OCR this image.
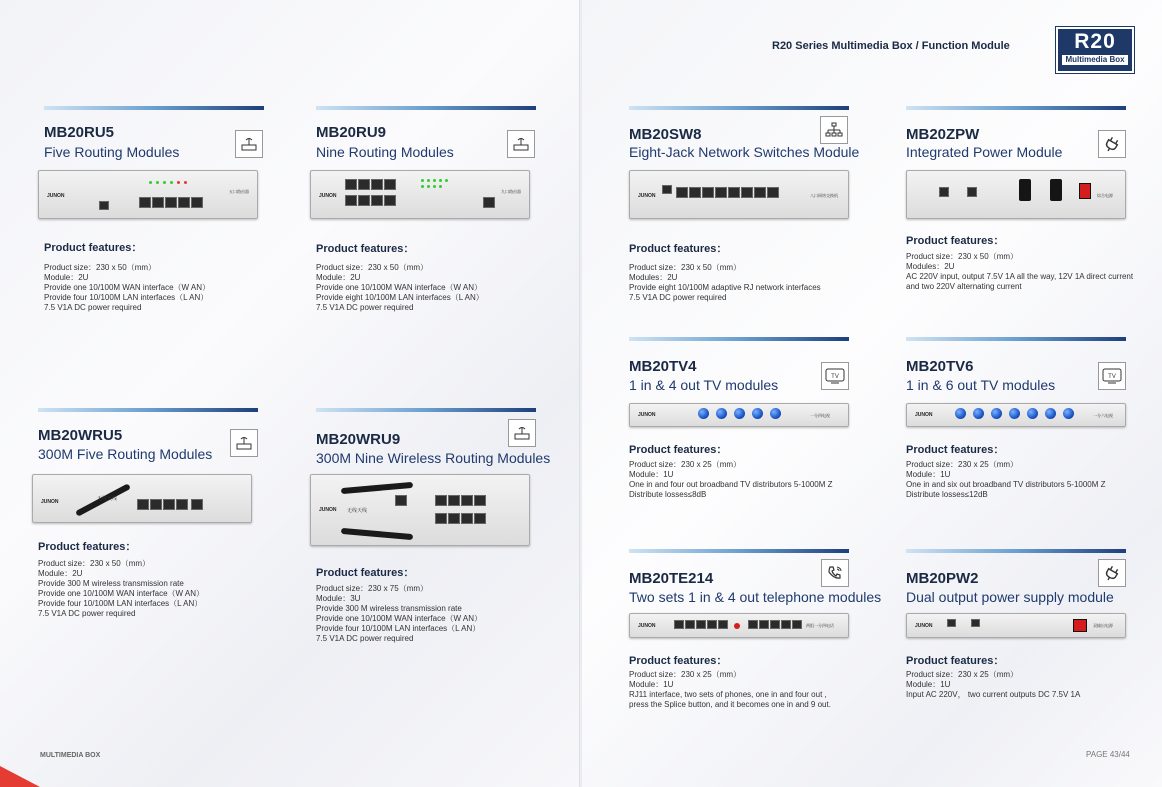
MB20RU5
Five Routing Modules
JUNON
五口路由器
Product features：
Product size：230 x 50（mm）
Module：2U
Provide one 10/100M WAN interface（W AN）
Provide four 10/100M LAN interfaces（L AN）
7.5 V1A DC power required
MB20RU9
Nine Routing Modules
JUNON
九口路由器
Product features：
Product size：230 x 50（mm）
Module：2U
Provide one 10/100M WAN interface（W AN）
Provide eight 10/100M LAN interfaces（L AN）
7.5 V1A DC power required
MB20WRU5
300M Five Routing Modules
JUNON	无线天线
Product features：
Product size：230 x 50（mm）
Module：2U
Provide 300 M wireless transmission rate
Provide one 10/100M WAN interface（W AN）
Provide four 10/100M LAN interfaces（L AN）
7.5 V1A DC power required
MB20WRU9
300M Nine Wireless Routing Modules
JUNON 无线天线
Product features：
Product size：230 x 75（mm）
Module：3U
Provide 300 M wireless transmission rate
Provide one 10/100M WAN interface（W AN）
Provide four 10/100M LAN interfaces（L AN）
7.5 V1A DC power required
MULTIMEDIA BOX
R20 Series Multimedia Box / Function Module	R20
Multimedia Box
MB20SW8
Eight-Jack Network Switches Module
JUNON	八口网络交换机
Product features：
Product size：230 x 50（mm）
Modules：2U
Provide eight 10/100M adaptive RJ network interfaces
7.5 V1A DC power required
MB20ZPW
Integrated Power Module
综合电源
Product features：
Product size：230 x 50（mm）
Modules：2U
AC 220V input, output 7.5V 1A all the way, 12V 1A direct current and two 220V alternating current
MB20TV4
1 in & 4 out TV modules	TV
JUNON	一分四电视
Product features：
Product size：230 x 25（mm）
Module：1U
One in and four out broadband TV distributors 5-1000M Z
Distribute losses≤8dB
MB20TV6
1 in & 6 out TV modules	TV
JUNON	一分六电视
Product features：
Product size：230 x 25（mm）
Module：1U
One in and six out broadband TV distributors 5-1000M Z
Distribute losses≤12dB
MB20TE214
Two sets 1 in & 4 out telephone modules
JUNON	两组一分四电话
Product features：
Product size：230 x 25（mm）
Module：1U
RJ11 interface, two sets of phones, one in and four out ,
press the Splice button, and it becomes one in and 9 out.
MB20PW2
Dual output power supply module
JUNON	双输出电源
Product features：
Product size：230 x 25（mm）
Module：1U
Input AC 220V， two current outputs DC 7.5V 1A
PAGE 43/44
